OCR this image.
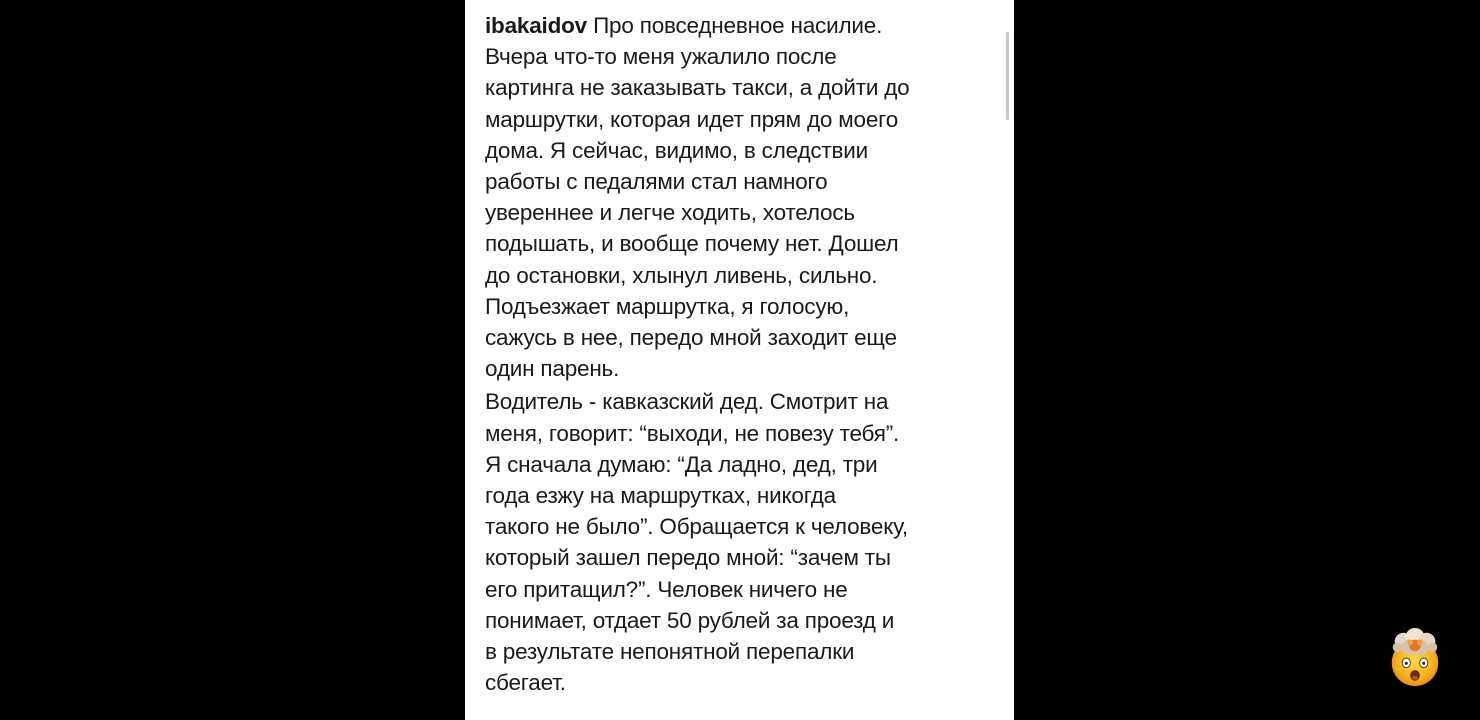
ibakaidov Про повседневное насилие.
Вчера что-то меня ужалило после
картинга не заказывать такси, а дойти до
маршрутки, которая идет прям до моего
дома. Я сейчас, видимо, в следствии
работы с педалями стал намного
увереннее и легче ходить, хотелось
подышать, и вообще почему нет. Дошел
до остановки, хлынул ливень, сильно.
Подъезжает маршрутка, я голосую,
сажусь в нее, передо мной заходит еще
один парень.
Водитель - кавказский дед. Смотрит на
меня, говорит: “выходи, не повезу тебя”.
Я сначала думаю: “Да ладно, дед, три
года езжу на маршрутках, никогда
такого не было”. Обращается к человеку,
который зашел передо мной: “зачем ты
его притащил?”. Человек ничего не
понимает, отдает 50 рублей за проезд и
в результате непонятной перепалки
сбегает.
